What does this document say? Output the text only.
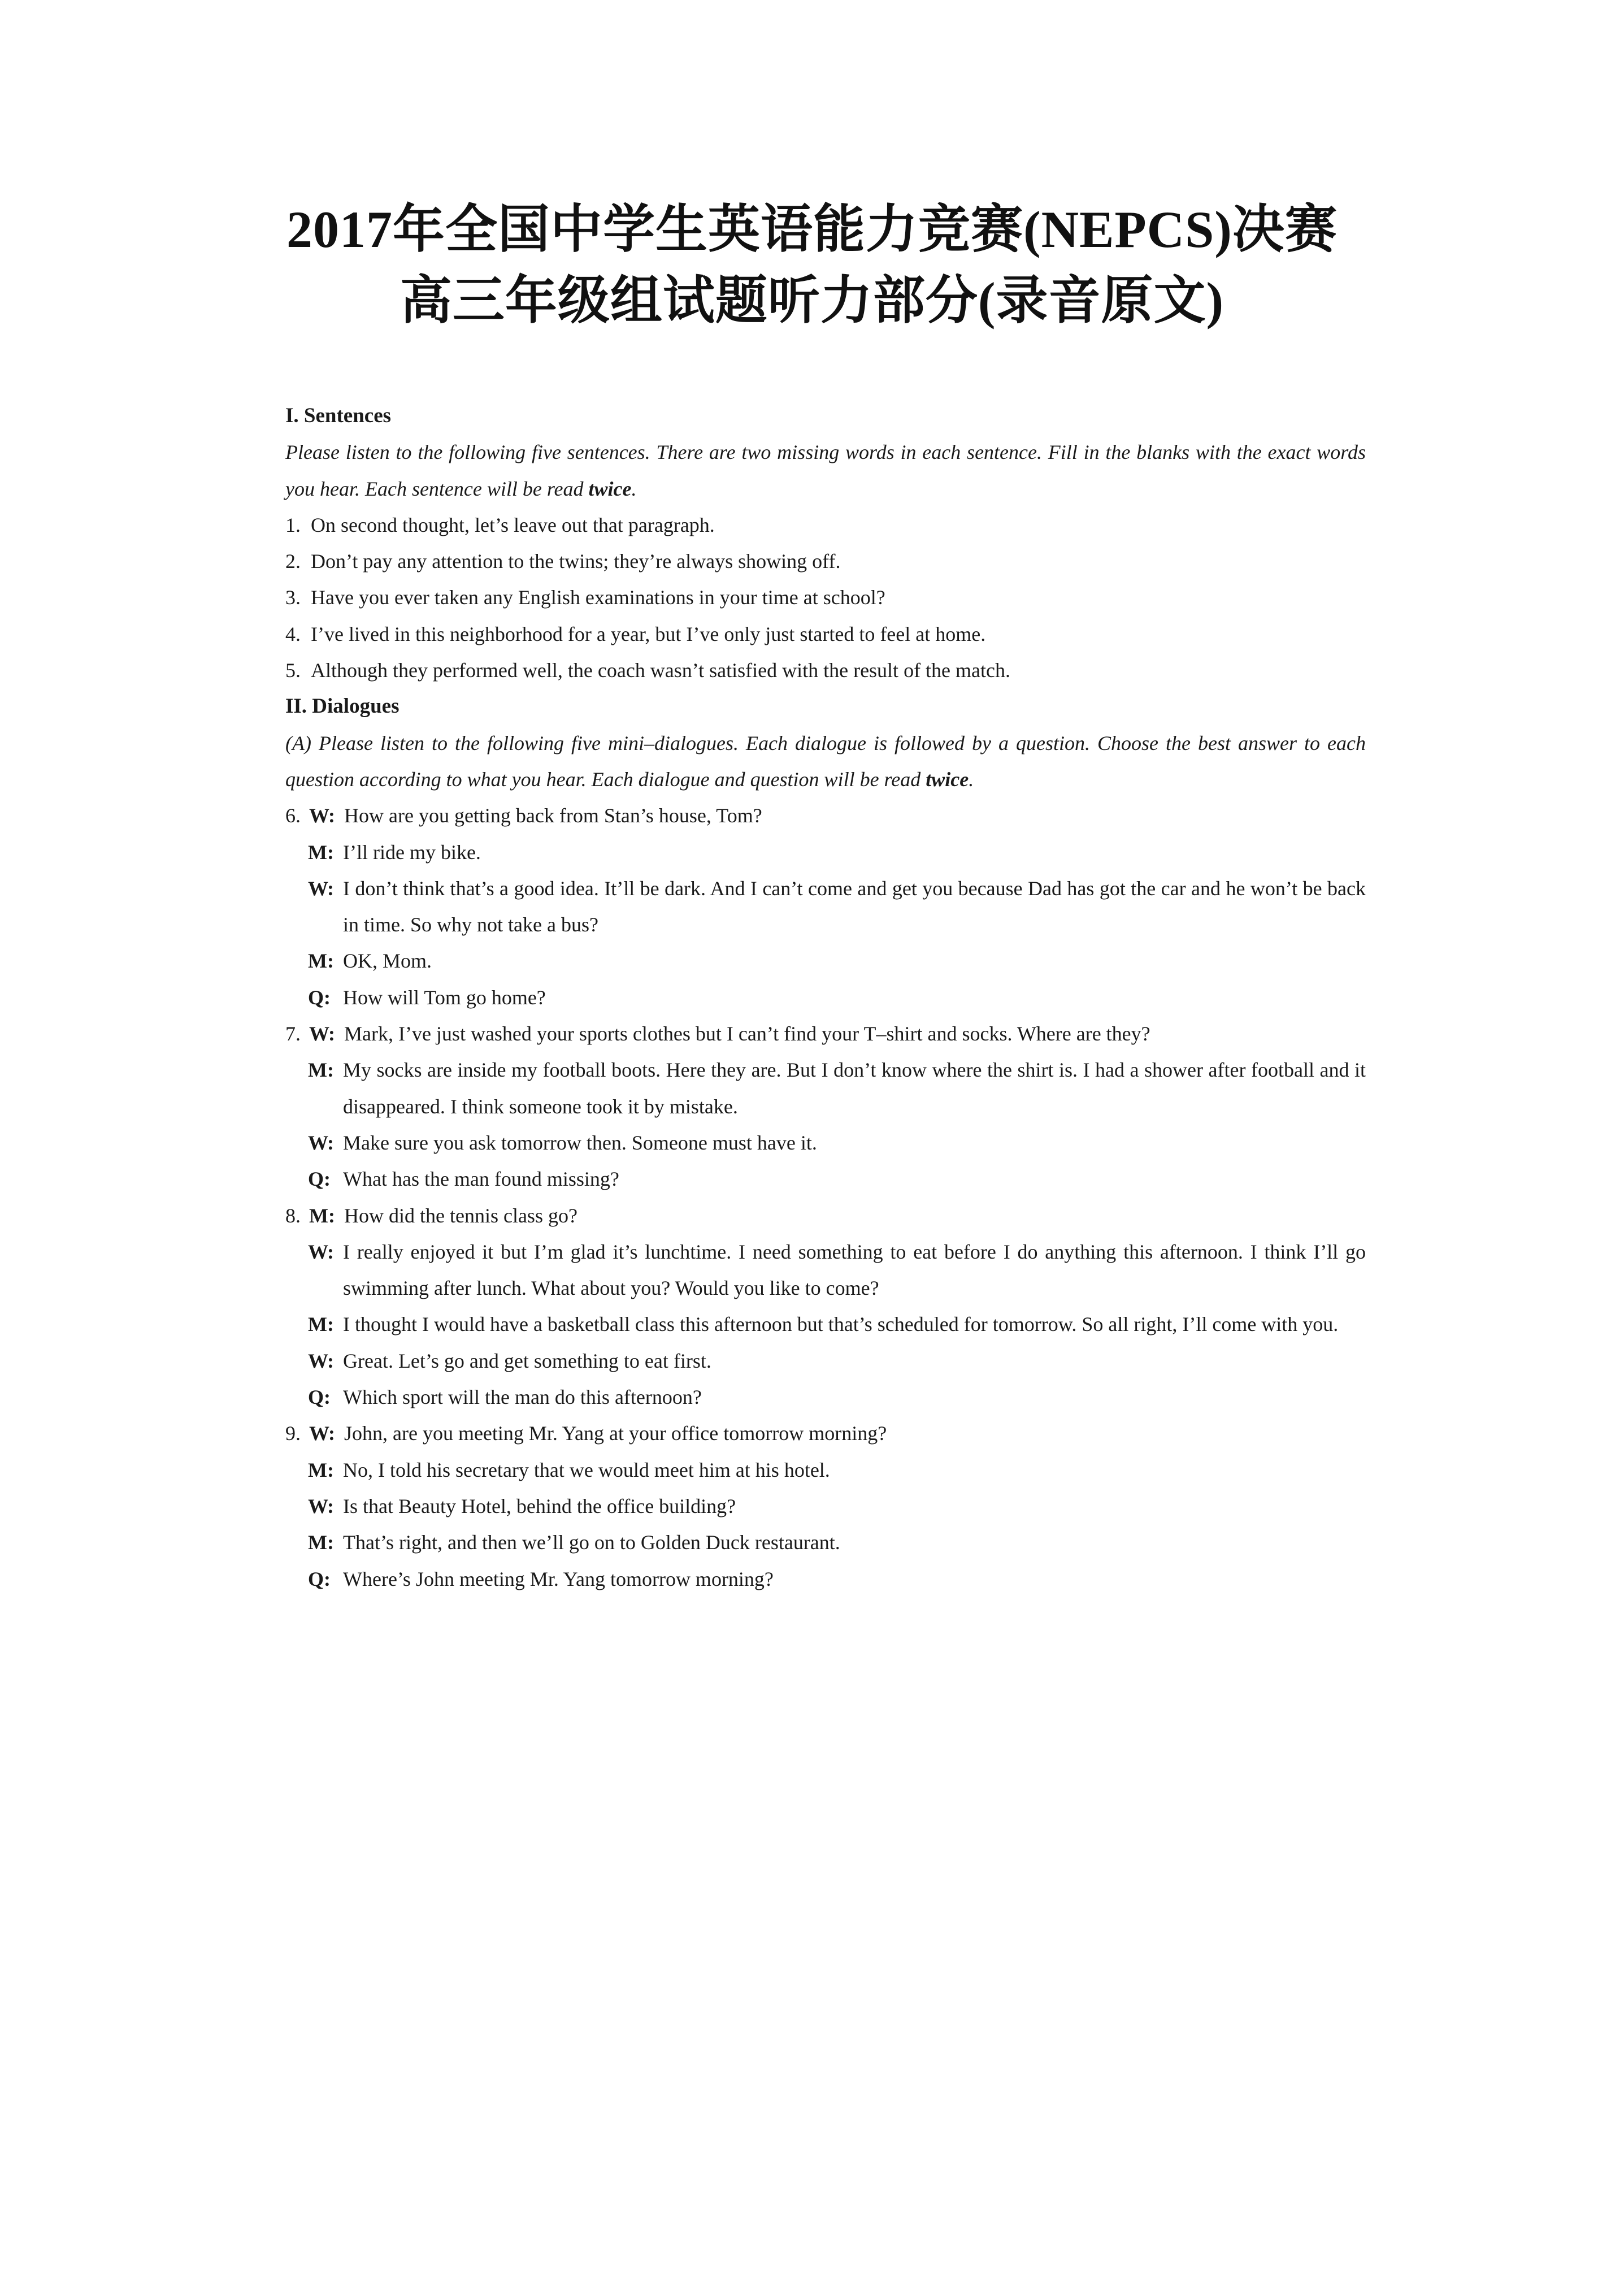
2017年全国中学生英语能力竞赛(NEPCS)决赛
高三年级组试题听力部分(录音原文)
I. Sentences
Please listen to the following five sentences. There are two missing words in each sentence. Fill in the blanks with the exact words you hear. Each sentence will be read twice.
1. On second thought, let’s leave out that paragraph.
2. Don’t pay any attention to the twins; they’re always showing off.
3. Have you ever taken any English examinations in your time at school?
4. I’ve lived in this neighborhood for a year, but I’ve only just started to feel at home.
5. Although they performed well, the coach wasn’t satisfied with the result of the match.
II. Dialogues
(A) Please listen to the following five mini–dialogues. Each dialogue is followed by a question. Choose the best answer to each question according to what you hear. Each dialogue and question will be read twice.
6. W: How are you getting back from Stan’s house, Tom?
M: I’ll ride my bike.
W: I don’t think that’s a good idea. It’ll be dark. And I can’t come and get you because Dad has got the car and he won’t be back in time. So why not take a bus?
M: OK, Mom.
Q: How will Tom go home?
7. W: Mark, I’ve just washed your sports clothes but I can’t find your T–shirt and socks. Where are they?
M: My socks are inside my football boots. Here they are. But I don’t know where the shirt is. I had a shower after football and it disappeared. I think someone took it by mistake.
W: Make sure you ask tomorrow then. Someone must have it.
Q: What has the man found missing?
8. M: How did the tennis class go?
W: I really enjoyed it but I’m glad it’s lunchtime. I need something to eat before I do anything this afternoon. I think I’ll go swimming after lunch. What about you? Would you like to come?
M: I thought I would have a basketball class this afternoon but that’s scheduled for tomorrow. So all right, I’ll come with you.
W: Great. Let’s go and get something to eat first.
Q: Which sport will the man do this afternoon?
9. W: John, are you meeting Mr. Yang at your office tomorrow morning?
M: No, I told his secretary that we would meet him at his hotel.
W: Is that Beauty Hotel, behind the office building?
M: That’s right, and then we’ll go on to Golden Duck restaurant.
Q: Where’s John meeting Mr. Yang tomorrow morning?
